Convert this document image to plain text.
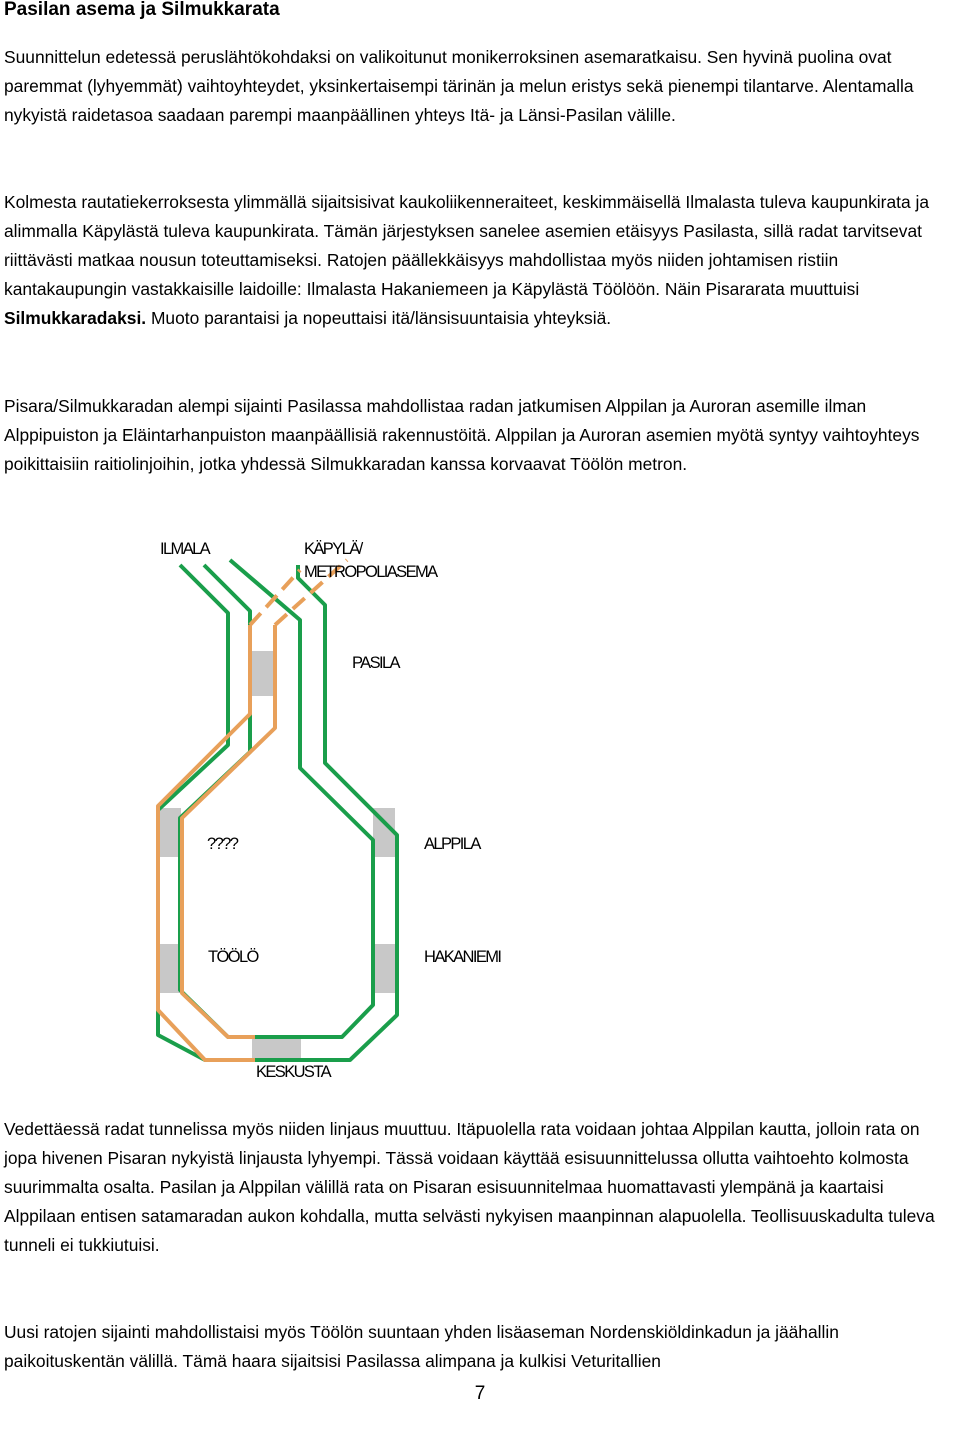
Pasilan asema ja Silmukkarata

Suunnittelun edetessä peruslähtökohdaksi on valikoitunut monikerroksinen asemaratkaisu. Sen hyvinä puolina ovat paremmat (lyhyemmät) vaihtoyhteydet, yksinkertaisempi tärinän ja melun eristys sekä pienempi tilantarve. Alentamalla nykyistä raidetasoa saadaan parempi maanpäällinen yhteys Itä- ja Länsi-Pasilan välille.

Kolmesta rautatiekerroksesta ylimmällä sijaitsisivat kaukoliikenneraiteet, keskimmäisellä Ilmalasta tuleva kaupunkirata ja alimmalla Käpylästä tuleva kaupunkirata. Tämän järjestyksen sanelee asemien etäisyys Pasilasta, sillä radat tarvitsevat riittävästi matkaa nousun toteuttamiseksi. Ratojen päällekkäisyys mahdollistaa myös niiden johtamisen ristiin kantakaupungin vastakkaisille laidoille: Ilmalasta Hakaniemeen ja Käpylästä Töölöön. Näin Pisararata muuttuisi Silmukkaradaksi. Muoto parantaisi ja nopeuttaisi itä/länsisuuntaisia yhteyksiä.

Pisara/Silmukkaradan alempi sijainti Pasilassa mahdollistaa radan jatkumisen Alppilan ja Auroran asemille ilman Alppipuiston ja Eläintarhanpuiston maanpäällisiä rakennustöitä. Alppilan ja Auroran asemien myötä syntyy vaihtoyhteys poikittaisiin raitiolinjoihin, jotka yhdessä Silmukkaradan kanssa korvaavat Töölön metron.

ILMALA	KÄPYLÄ/
METROPOLIASEMA
PASILA
????	ALPPILA
TÖÖLÖ	HAKANIEMI
KESKUSTA

Vedettäessä radat tunnelissa myös niiden linjaus muuttuu. Itäpuolella rata voidaan johtaa Alppilan kautta, jolloin rata on jopa hivenen Pisaran nykyistä linjausta lyhyempi. Tässä voidaan käyttää esisuunnittelussa ollutta vaihtoehto kolmosta suurimmalta osalta. Pasilan ja Alppilan välillä rata on Pisaran esisuunnitelmaa huomattavasti ylempänä ja kaartaisi Alppilaan entisen satamaradan aukon kohdalla, mutta selvästi nykyisen maanpinnan alapuolella. Teollisuuskadulta tuleva tunneli ei tukkiutuisi.

Uusi ratojen sijainti mahdollistaisi myös Töölön suuntaan yhden lisäaseman Nordenskiöldinkadun ja jäähallin paikoituskentän välillä. Tämä haara sijaitsisi Pasilassa alimpana ja kulkisi Veturitallien

7
